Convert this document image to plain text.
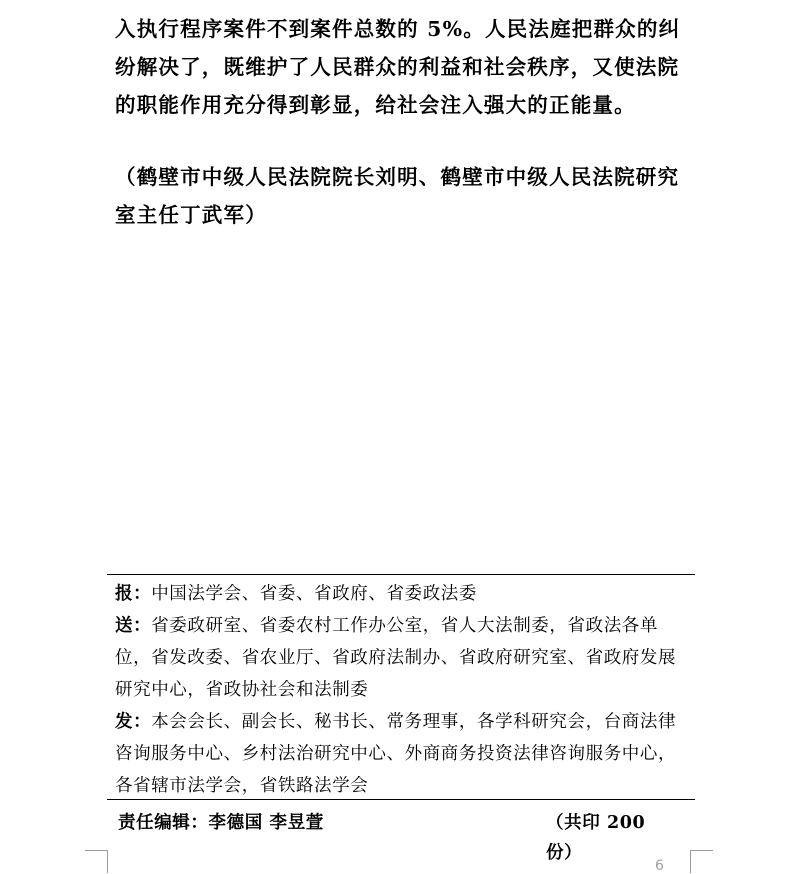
入执行程序案件不到案件总数的 5%。人民法庭把群众的纠纷解决了，既维护了人民群众的利益和社会秩序，又使法院的职能作用充分得到彰显，给社会注入强大的正能量。

（鹤壁市中级人民法院院长刘明、鹤壁市中级人民法院研究室主任丁武军）

报：中国法学会、省委、省政府、省委政法委

送：省委政研室、省委农村工作办公室，省人大法制委，省政法各单位，省发改委、省农业厅、省政府法制办、省政府研究室、省政府发展研究中心，省政协社会和法制委

发：本会会长、副会长、秘书长、常务理事，各学科研究会，台商法律咨询服务中心、乡村法治研究中心、外商商务投资法律咨询服务中心，各省辖市法学会，省铁路法学会

责任编辑：李德国 李昱萱	（共印 200 份）
6
